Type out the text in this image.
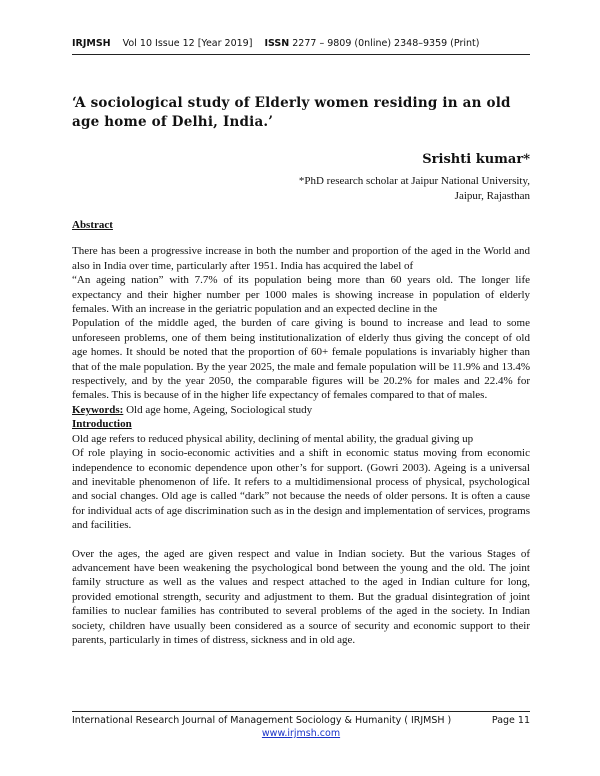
IRJMSH Vol 10 Issue 12 [Year 2019] ISSN 2277 – 9809 (0nline) 2348–9359 (Print)
‘A sociological study of Elderly women residing in an old age home of Delhi, India.’
Srishti kumar*
*PhD research scholar at Jaipur National University,
Jaipur, Rajasthan

Abstract

There has been a progressive increase in both the number and proportion of the aged in the World and also in India over time, particularly after 1951. India has acquired the label of

“An ageing nation” with 7.7% of its population being more than 60 years old. The longer life expectancy and their higher number per 1000 males is showing increase in population of elderly females. With an increase in the geriatric population and an expected decline in the

Population of the middle aged, the burden of care giving is bound to increase and lead to some unforeseen problems, one of them being institutionalization of elderly thus giving the concept of old age homes. It should be noted that the proportion of 60+ female populations is invariably higher than that of the male population. By the year 2025, the male and female population will be 11.9% and 13.4% respectively, and by the year 2050, the comparable figures will be 20.2% for males and 22.4% for females. This is because of in the higher life expectancy of females compared to that of males.

Keywords: Old age home, Ageing, Sociological study

Introduction

Old age refers to reduced physical ability, declining of mental ability, the gradual giving up

Of role playing in socio-economic activities and a shift in economic status moving from economic independence to economic dependence upon other’s for support. (Gowri 2003). Ageing is a universal and inevitable phenomenon of life. It refers to a multidimensional process of physical, psychological and social changes. Old age is called “dark” not because the needs of older persons. It is often a cause for individual acts of age discrimination such as in the design and implementation of services, programs and facilities.

Over the ages, the aged are given respect and value in Indian society. But the various Stages of advancement have been weakening the psychological bond between the young and the old. The joint family structure as well as the values and respect attached to the aged in Indian culture for long, provided emotional strength, security and adjustment to them. But the gradual disintegration of joint families to nuclear families has contributed to several problems of the aged in the society. In Indian society, children have usually been considered as a source of security and economic support to their parents, particularly in times of distress, sickness and in old age.

International Research Journal of Management Sociology & Humanity ( IRJMSH )	Page 11
www.irjmsh.com
